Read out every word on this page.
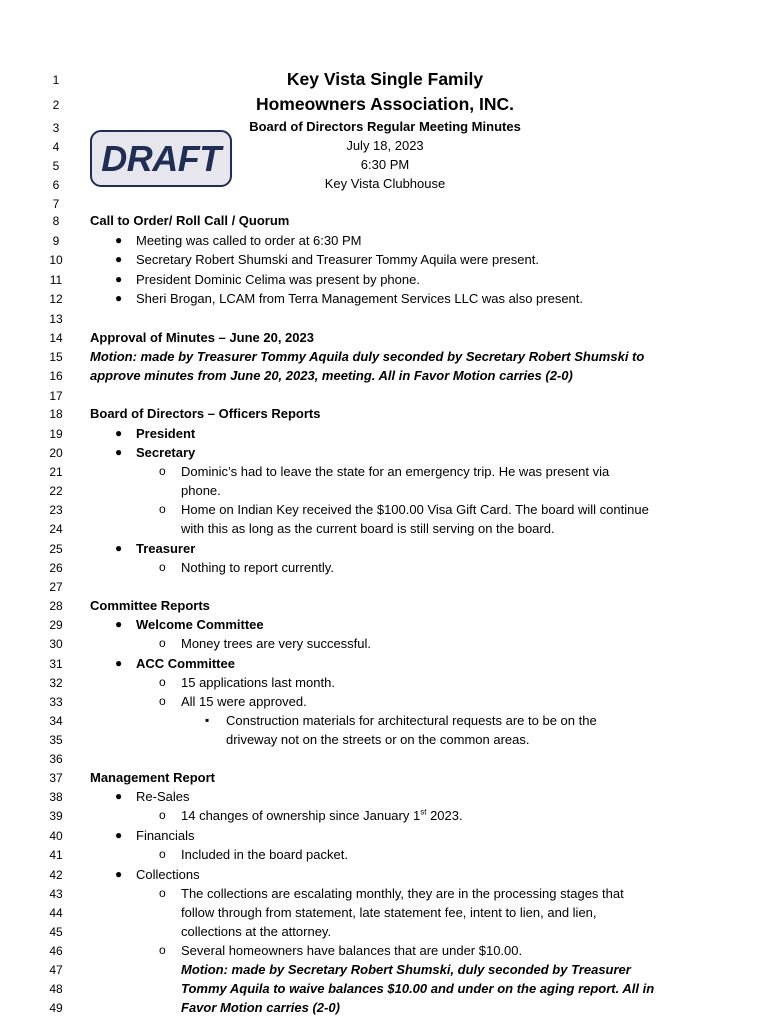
1
2
3
4
5
6
7
8
9
10
11
12
13
14
15
16
17
18
19
20
21
22
23
24
25
26
27
28
29
30
31
32
33
34
35
36
37
38
39
40
41
42
43
44
45
46
47
48
49
DRAFT
Key Vista Single Family
Homeowners Association, INC.
Board of Directors Regular Meeting Minutes
July 18, 2023
6:30 PM
Key Vista Clubhouse
Call to Order/ Roll Call / Quorum
● Meeting was called to order at 6:30 PM
● Secretary Robert Shumski and Treasurer Tommy Aquila were present.
● President Dominic Celima was present by phone.
● Sheri Brogan, LCAM from Terra Management Services LLC was also present.
Approval of Minutes – June 20, 2023
Motion: made by Treasurer Tommy Aquila duly seconded by Secretary Robert Shumski to
approve minutes from June 20, 2023, meeting. All in Favor Motion carries (2-0)
Board of Directors – Officers Reports
● President
● Secretary
o Dominic’s had to leave the state for an emergency trip. He was present via
phone.
o Home on Indian Key received the $100.00 Visa Gift Card. The board will continue
with this as long as the current board is still serving on the board.
● Treasurer
o Nothing to report currently.
Committee Reports
● Welcome Committee
o Money trees are very successful.
● ACC Committee
o 15 applications last month.
o All 15 were approved.
▪ Construction materials for architectural requests are to be on the
driveway not on the streets or on the common areas.
Management Report
● Re-Sales
o 14 changes of ownership since January 1st 2023.
● Financials
o Included in the board packet.
● Collections
o The collections are escalating monthly, they are in the processing stages that
follow through from statement, late statement fee, intent to lien, and lien,
collections at the attorney.
o Several homeowners have balances that are under $10.00.
Motion: made by Secretary Robert Shumski, duly seconded by Treasurer
Tommy Aquila to waive balances $10.00 and under on the aging report. All in
Favor Motion carries (2-0)
